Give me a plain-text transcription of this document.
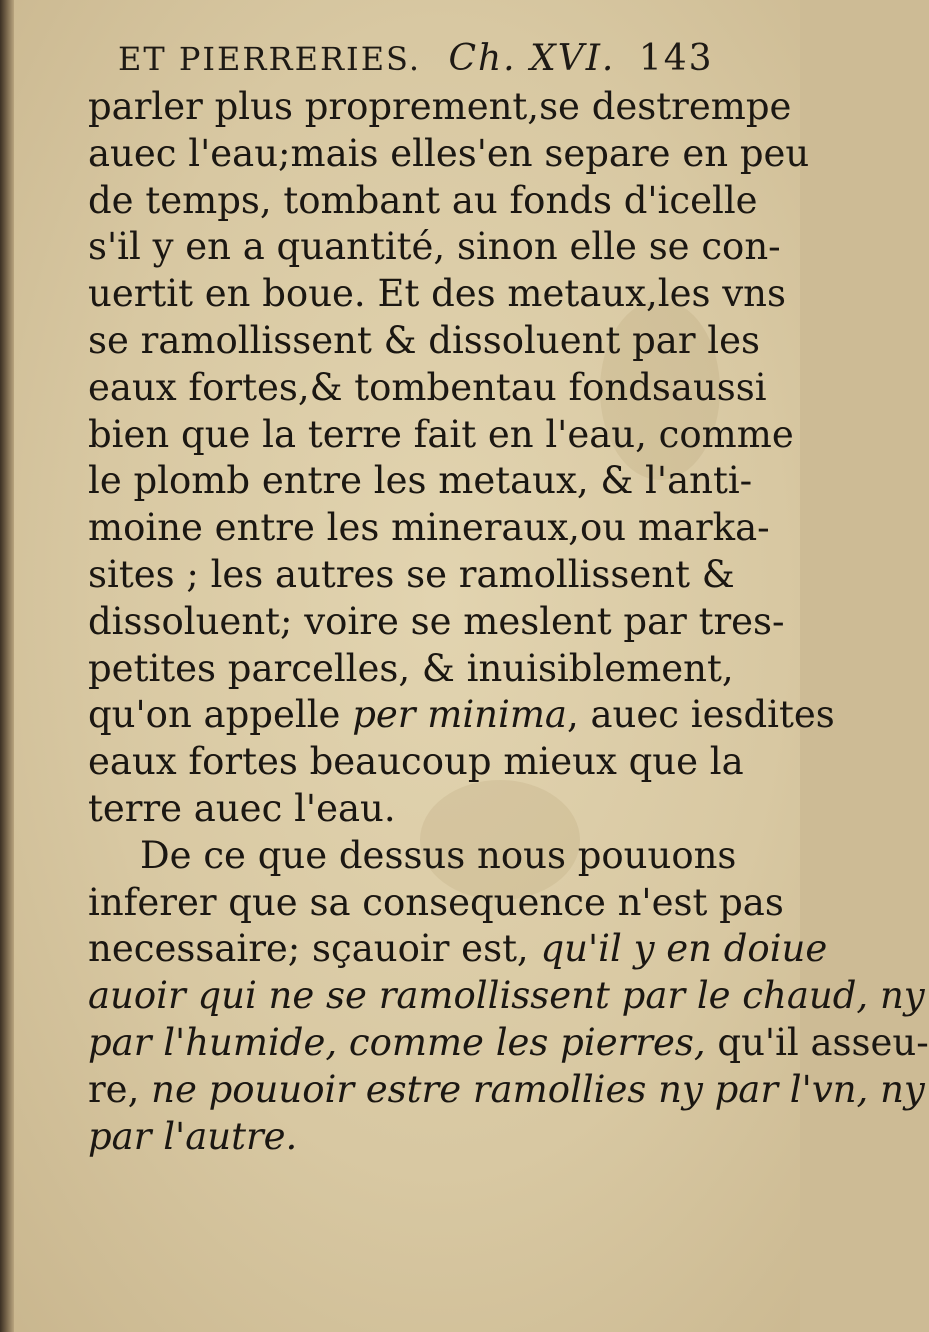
ET PIERRERIES. Ch. XVI. 143
parler plus proprement,se destrempe
auec l'eau;mais elles'en separe en peu
de temps, tombant au fonds d'icelle
s'il y en a quantité, sinon elle se con-
uertit en boue. Et des metaux,les vns
se ramollissent & dissoluent par les
eaux fortes,& tombentau fondsaussi
bien que la terre fait en l'eau, comme
le plomb entre les metaux, & l'anti-
moine entre les mineraux,ou marka-
sites ; les autres se ramollissent &
dissoluent; voire se meslent par tres-
petites parcelles, & inuisiblement,
qu'on appelle per minima, auec iesdites
eaux fortes beaucoup mieux que la
terre auec l'eau.
De ce que dessus nous pouuons
inferer que sa consequence n'est pas
necessaire; sçauoir est, qu'il y en doiue
auoir qui ne se ramollissent par le chaud, ny
par l'humide, comme les pierres, qu'il asseu-
re, ne pouuoir estre ramollies ny par l'vn, ny
par l'autre.
